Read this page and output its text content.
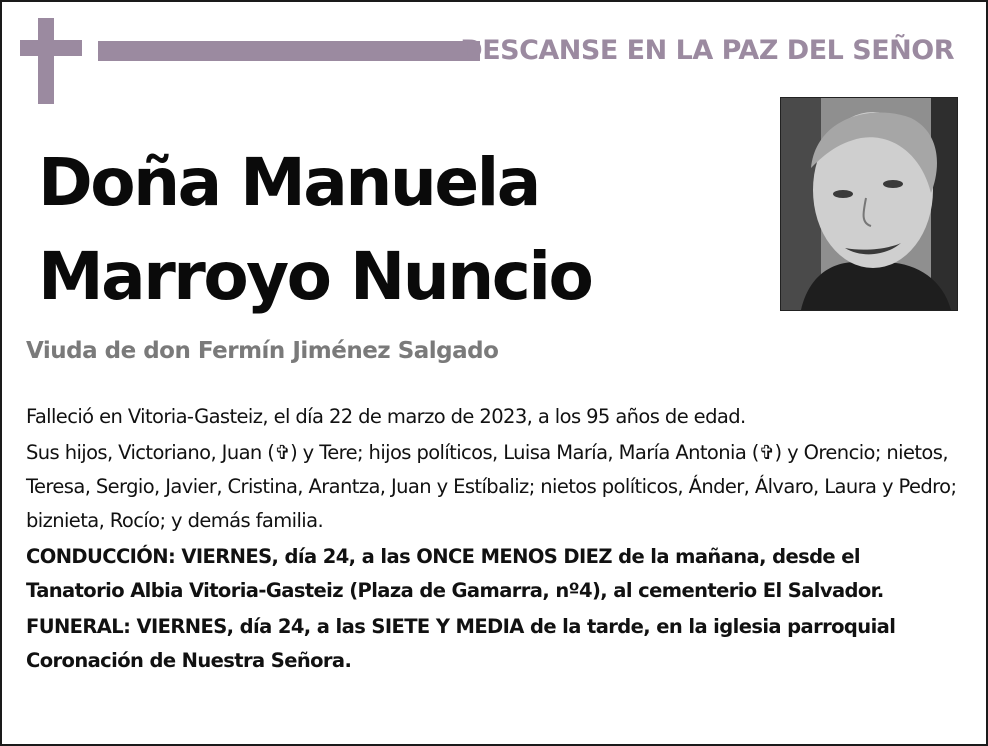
DESCANSE EN LA PAZ DEL SEÑOR
Doña Manuela
Marroyo Nuncio
Viuda de don Fermín Jiménez Salgado

Falleció en Vitoria-Gasteiz, el día 22 de marzo de 2023, a los 95 años de edad.

Sus hijos, Victoriano, Juan (✞) y Tere; hijos políticos, Luisa María, María Antonia (✞) y Orencio; nietos, Teresa, Sergio, Javier, Cristina, Arantza, Juan y Estíbaliz; nietos políticos, Ánder, Álvaro, Laura y Pedro; biznieta, Rocío; y demás familia.

CONDUCCIÓN: VIERNES, día 24, a las ONCE MENOS DIEZ de la mañana, desde el Tanatorio Albia Vitoria-Gasteiz (Plaza de Gamarra, nº4), al cementerio El Salvador.

FUNERAL: VIERNES, día 24, a las SIETE Y MEDIA de la tarde, en la iglesia parroquial Coronación de Nuestra Señora.
